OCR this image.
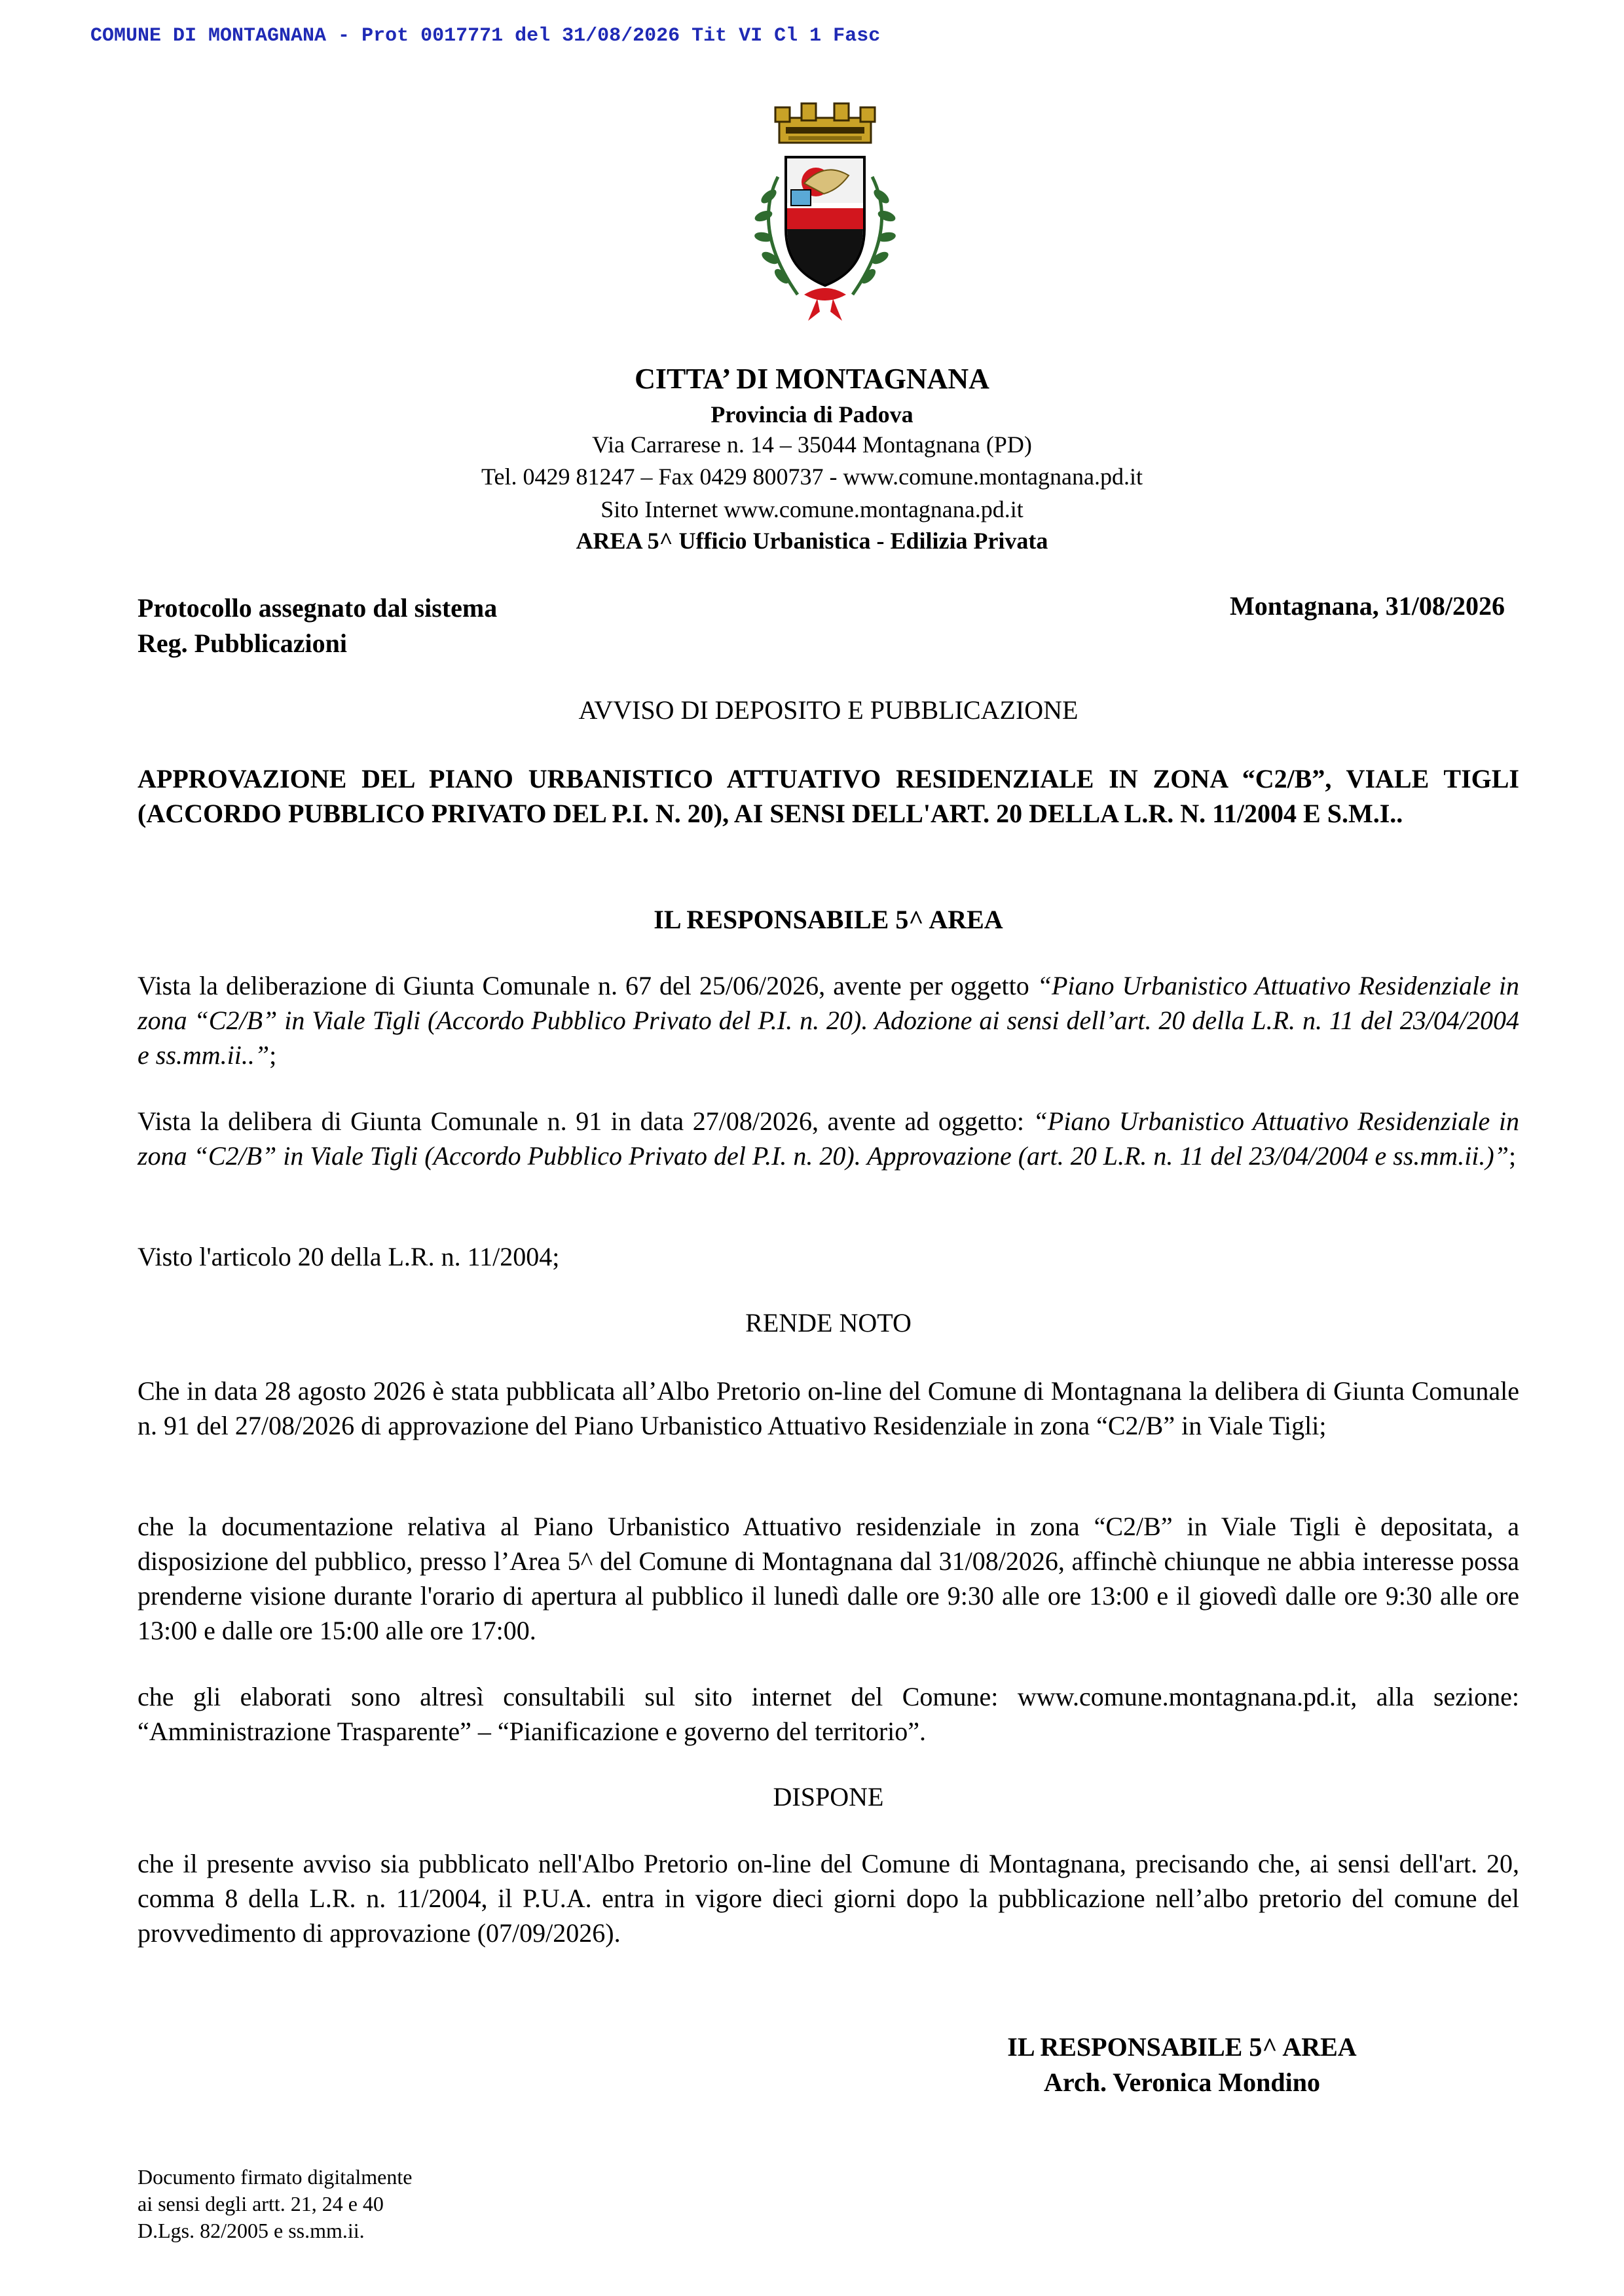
COMUNE DI MONTAGNANA - Prot 0017771 del 31/08/2026 Tit VI Cl 1 Fasc
CITTA’ DI MONTAGNANA
Provincia di Padova
Via Carrarese n. 14 – 35044 Montagnana (PD)
Tel. 0429 81247 – Fax 0429 800737 - www.comune.montagnana.pd.it
Sito Internet www.comune.montagnana.pd.it
AREA 5^ Ufficio Urbanistica - Edilizia Privata
Protocollo assegnato dal sistema
Reg. Pubblicazioni
Montagnana, 31/08/2026
AVVISO DI DEPOSITO E PUBBLICAZIONE
APPROVAZIONE DEL PIANO URBANISTICO ATTUATIVO RESIDENZIALE IN ZONA “C2/B”, VIALE TIGLI (ACCORDO PUBBLICO PRIVATO DEL P.I. N. 20), AI SENSI DELL'ART. 20 DELLA L.R. N. 11/2004 E S.M.I..
IL RESPONSABILE 5^ AREA
Vista la deliberazione di Giunta Comunale n. 67 del 25/06/2026, avente per oggetto “Piano Urbanistico Attuativo Residenziale in zona “C2/B” in Viale Tigli (Accordo Pubblico Privato del P.I. n. 20). Adozione ai sensi dell’art. 20 della L.R. n. 11 del 23/04/2004 e ss.mm.ii..”;
Vista la delibera di Giunta Comunale n. 91 in data 27/08/2026, avente ad oggetto: “Piano Urbanistico Attuativo Residenziale in zona “C2/B” in Viale Tigli (Accordo Pubblico Privato del P.I. n. 20). Approvazione (art. 20 L.R. n. 11 del 23/04/2004 e ss.mm.ii.)”;
Visto l'articolo 20 della L.R. n. 11/2004;
RENDE NOTO
Che in data 28 agosto 2026 è stata pubblicata all’Albo Pretorio on-line del Comune di Montagnana la delibera di Giunta Comunale n. 91 del 27/08/2026 di approvazione del Piano Urbanistico Attuativo Residenziale in zona “C2/B” in Viale Tigli;
che la documentazione relativa al Piano Urbanistico Attuativo residenziale in zona “C2/B” in Viale Tigli è depositata, a disposizione del pubblico, presso l’Area 5^ del Comune di Montagnana dal 31/08/2026, affinchè chiunque ne abbia interesse possa prenderne visione durante l'orario di apertura al pubblico il lunedì dalle ore 9:30 alle ore 13:00 e il giovedì dalle ore 9:30 alle ore 13:00 e dalle ore 15:00 alle ore 17:00.
che gli elaborati sono altresì consultabili sul sito internet del Comune: www.comune.montagnana.pd.it, alla sezione: “Amministrazione Trasparente” – “Pianificazione e governo del territorio”.
DISPONE
che il presente avviso sia pubblicato nell'Albo Pretorio on-line del Comune di Montagnana, precisando che, ai sensi dell'art. 20, comma 8 della L.R. n. 11/2004, il P.U.A. entra in vigore dieci giorni dopo la pubblicazione nell’albo pretorio del comune del provvedimento di approvazione (07/09/2026).
IL RESPONSABILE 5^ AREA
Arch. Veronica Mondino
Documento firmato digitalmente
ai sensi degli artt. 21, 24 e 40
D.Lgs. 82/2005 e ss.mm.ii.
